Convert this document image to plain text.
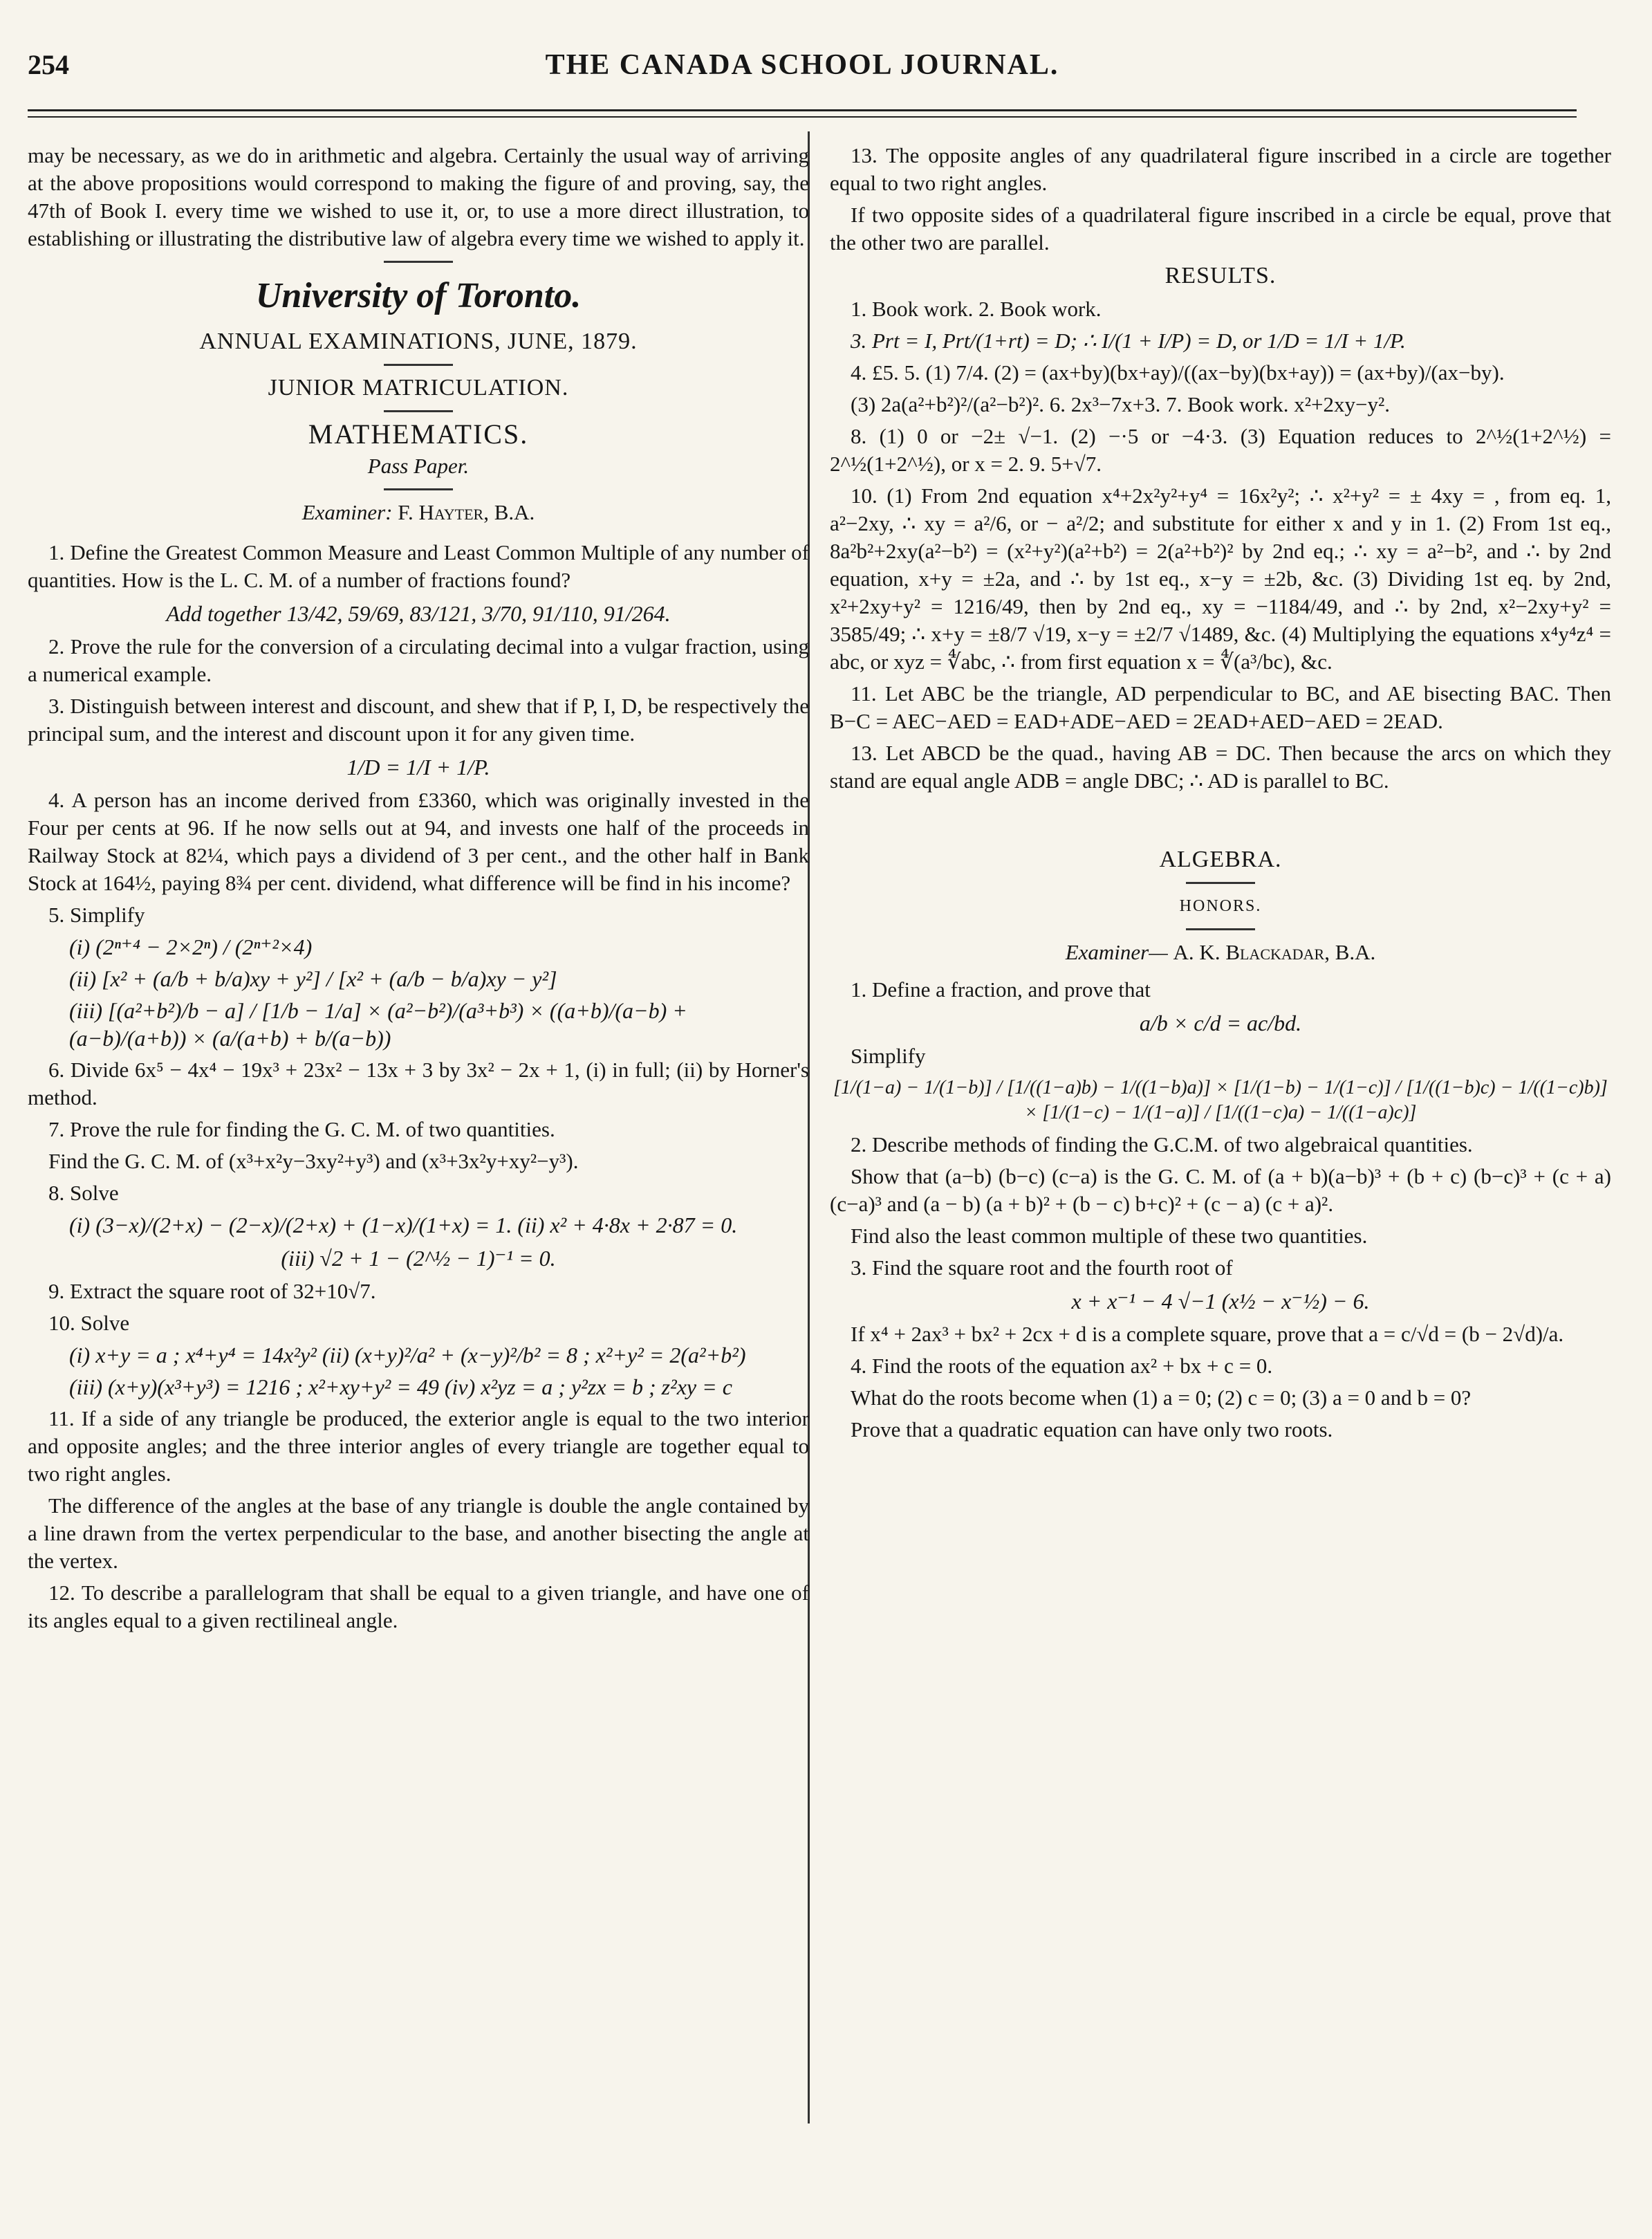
254	THE CANADA SCHOOL JOURNAL.

may be necessary, as we do in arithmetic and algebra. Certainly the usual way of arriving at the above propositions would correspond to making the figure of and proving, say, the 47th of Book I. every time we wished to use it, or, to use a more direct illustration, to establishing or illustrating the distributive law of algebra every time we wished to apply it.

University of Toronto.
ANNUAL EXAMINATIONS, JUNE, 1879.
JUNIOR MATRICULATION.
MATHEMATICS.
Pass Paper.
Examiner: F. Hayter, B.A.

1. Define the Greatest Common Measure and Least Common Multiple of any number of quantities. How is the L. C. M. of a number of fractions found?

Add together 13/42, 59/69, 83/121, 3/70, 91/110, 91/264.

2. Prove the rule for the conversion of a circulating decimal into a vulgar fraction, using a numerical example.

3. Distinguish between interest and discount, and shew that if P, I, D, be respectively the principal sum, and the interest and discount upon it for any given time.

1/D = 1/I + 1/P.

4. A person has an income derived from £3360, which was originally invested in the Four per cents at 96. If he now sells out at 94, and invests one half of the proceeds in Railway Stock at 82¼, which pays a dividend of 3 per cent., and the other half in Bank Stock at 164½, paying 8¾ per cent. dividend, what difference will be find in his income?

5. Simplify

(i) (2ⁿ⁺⁴ − 2×2ⁿ) / (2ⁿ⁺²×4)
(ii) [x² + (a/b + b/a)xy + y²] / [x² + (a/b − b/a)xy − y²]
(iii) [(a²+b²)/b − a] / [1/b − 1/a] × (a²−b²)/(a³+b³) × ((a+b)/(a−b) + (a−b)/(a+b)) × (a/(a+b) + b/(a−b))

6. Divide 6x⁵ − 4x⁴ − 19x³ + 23x² − 13x + 3 by 3x² − 2x + 1, (i) in full; (ii) by Horner's method.

7. Prove the rule for finding the G. C. M. of two quantities.

Find the G. C. M. of (x³+x²y−3xy²+y³) and (x³+3x²y+xy²−y³).

8. Solve

(i) (3−x)/(2+x) − (2−x)/(2+x) + (1−x)/(1+x) = 1. (ii) x² + 4·8x + 2·87 = 0.
(iii) √2 + 1 − (2^½ − 1)⁻¹ = 0.

9. Extract the square root of 32+10√7.

10. Solve

(i) x+y = a ; x⁴+y⁴ = 14x²y² (ii) (x+y)²/a² + (x−y)²/b² = 8 ; x²+y² = 2(a²+b²)
(iii) (x+y)(x³+y³) = 1216 ; x²+xy+y² = 49 (iv) x²yz = a ; y²zx = b ; z²xy = c

11. If a side of any triangle be produced, the exterior angle is equal to the two interior and opposite angles; and the three interior angles of every triangle are together equal to two right angles.

The difference of the angles at the base of any triangle is double the angle contained by a line drawn from the vertex perpendicular to the base, and another bisecting the angle at the vertex.

12. To describe a parallelogram that shall be equal to a given triangle, and have one of its angles equal to a given rectilineal angle.

13. The opposite angles of any quadrilateral figure inscribed in a circle are together equal to two right angles.

If two opposite sides of a quadrilateral figure inscribed in a circle be equal, prove that the other two are parallel.

RESULTS.

1. Book work. 2. Book work.

3. Prt = I, Prt/(1+rt) = D; ∴ I/(1 + I/P) = D, or 1/D = 1/I + 1/P.

4. £5. 5. (1) 7/4. (2) = (ax+by)(bx+ay)/((ax−by)(bx+ay)) = (ax+by)/(ax−by).

(3) 2a(a²+b²)²/(a²−b²)². 6. 2x³−7x+3. 7. Book work. x²+2xy−y².

8. (1) 0 or −2± √−1. (2) −·5 or −4·3. (3) Equation reduces to 2^½(1+2^½) = 2^½(1+2^½), or x = 2. 9. 5+√7.

10. (1) From 2nd equation x⁴+2x²y²+y⁴ = 16x²y²; ∴ x²+y² = ± 4xy = , from eq. 1, a²−2xy, ∴ xy = a²/6, or − a²/2; and substitute for either x and y in 1. (2) From 1st eq., 8a²b²+2xy(a²−b²) = (x²+y²)(a²+b²) = 2(a²+b²)² by 2nd eq.; ∴ xy = a²−b², and ∴ by 2nd equation, x+y = ±2a, and ∴ by 1st eq., x−y = ±2b, &c. (3) Dividing 1st eq. by 2nd, x²+2xy+y² = 1216/49, then by 2nd eq., xy = −1184/49, and ∴ by 2nd, x²−2xy+y² = 3585/49; ∴ x+y = ±8/7 √19, x−y = ±2/7 √1489, &c. (4) Multiplying the equations x⁴y⁴z⁴ = abc, or xyz = ∜abc, ∴ from first equation x = ∜(a³/bc), &c.

11. Let ABC be the triangle, AD perpendicular to BC, and AE bisecting BAC. Then B−C = AEC−AED = EAD+ADE−AED = 2EAD+AED−AED = 2EAD.

13. Let ABCD be the quad., having AB = DC. Then because the arcs on which they stand are equal angle ADB = angle DBC; ∴ AD is parallel to BC.

ALGEBRA.
HONORS.
Examiner— A. K. Blackadar, B.A.

1. Define a fraction, and prove that

a/b × c/d = ac/bd.

Simplify

[1/(1−a) − 1/(1−b)] / [1/((1−a)b) − 1/((1−b)a)] × [1/(1−b) − 1/(1−c)] / [1/((1−b)c) − 1/((1−c)b)] × [1/(1−c) − 1/(1−a)] / [1/((1−c)a) − 1/((1−a)c)]

2. Describe methods of finding the G.C.M. of two algebraical quantities.

Show that (a−b) (b−c) (c−a) is the G. C. M. of (a + b)(a−b)³ + (b + c) (b−c)³ + (c + a) (c−a)³ and (a − b) (a + b)² + (b − c) b+c)² + (c − a) (c + a)².

Find also the least common multiple of these two quantities.

3. Find the square root and the fourth root of

x + x⁻¹ − 4 √−1 (x½ − x⁻½) − 6.

If x⁴ + 2ax³ + bx² + 2cx + d is a complete square, prove that a = c/√d = (b − 2√d)/a.

4. Find the roots of the equation ax² + bx + c = 0.

What do the roots become when (1) a = 0; (2) c = 0; (3) a = 0 and b = 0?

Prove that a quadratic equation can have only two roots.
